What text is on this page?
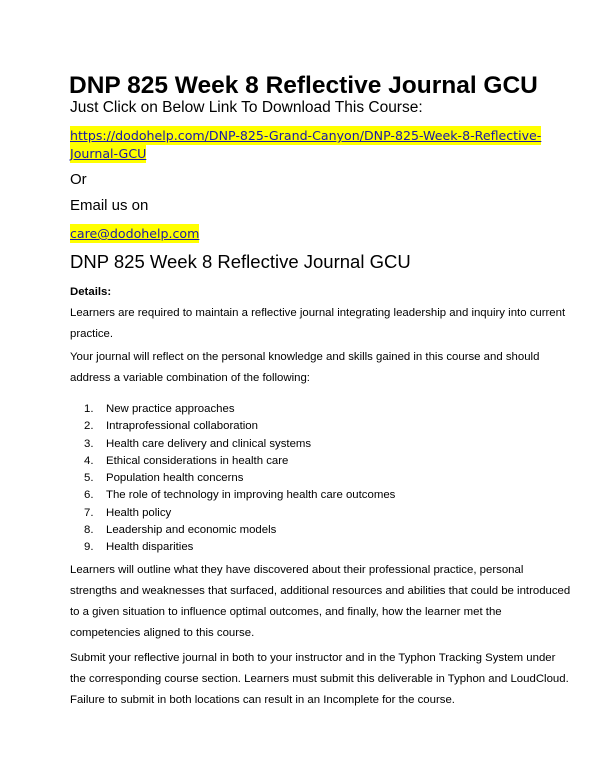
DNP 825 Week 8 Reflective Journal GCU
Just Click on Below Link To Download This Course:
https://dodohelp.com/DNP-825-Grand-Canyon/DNP-825-Week-8-Reflective-
Journal-GCU
Or
Email us on
care@dodohelp.com
DNP 825 Week 8 Reflective Journal GCU
Details:
Learners are required to maintain a reflective journal integrating leadership and inquiry into current
practice.
Your journal will reflect on the personal knowledge and skills gained in this course and should
address a variable combination of the following:
1. New practice approaches
2. Intraprofessional collaboration
3. Health care delivery and clinical systems
4. Ethical considerations in health care
5. Population health concerns
6. The role of technology in improving health care outcomes
7. Health policy
8. Leadership and economic models
9. Health disparities
Learners will outline what they have discovered about their professional practice, personal
strengths and weaknesses that surfaced, additional resources and abilities that could be introduced
to a given situation to influence optimal outcomes, and finally, how the learner met the
competencies aligned to this course.
Submit your reflective journal in both to your instructor and in the Typhon Tracking System under
the corresponding course section. Learners must submit this deliverable in Typhon and LoudCloud.
Failure to submit in both locations can result in an Incomplete for the course.
